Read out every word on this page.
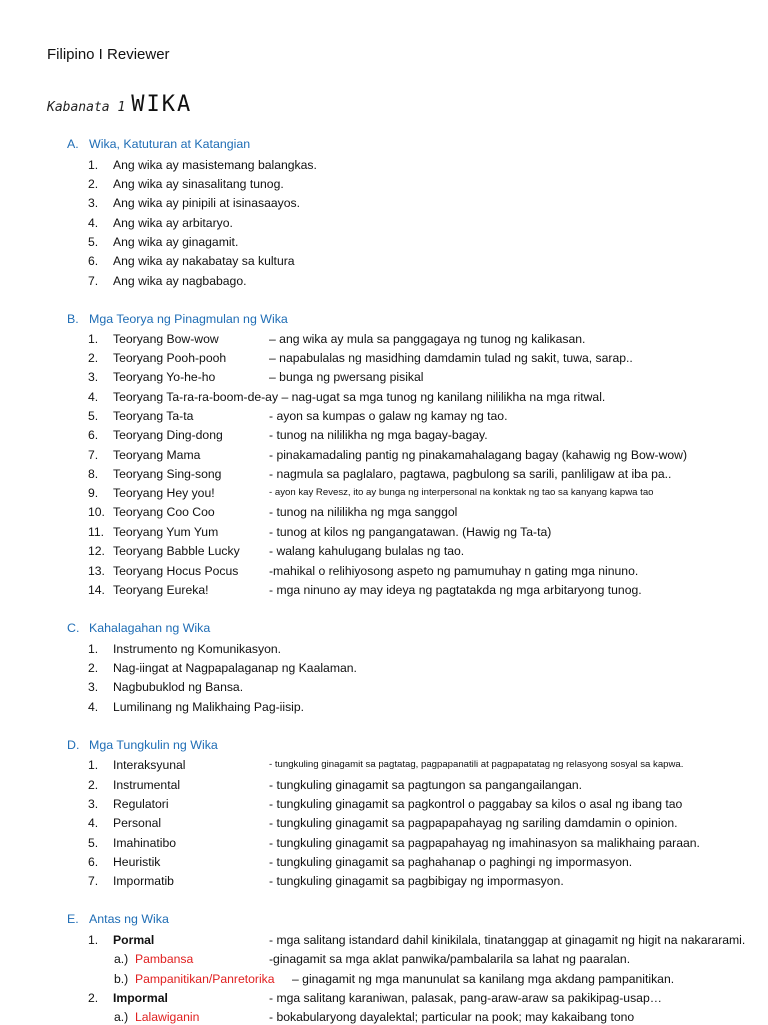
Filipino I Reviewer
Kabanata 1 WIKA
A. Wika, Katuturan at Katangian
1. Ang wika ay masistemang balangkas.
2. Ang wika ay sinasalitang tunog.
3. Ang wika ay pinipili at isinasaayos.
4. Ang wika ay arbitaryo.
5. Ang wika ay ginagamit.
6. Ang wika ay nakabatay sa kultura
7. Ang wika ay nagbabago.
B. Mga Teorya ng Pinagmulan ng Wika
1. Teoryang Bow-wow	– ang wika ay mula sa panggagaya ng tunog ng kalikasan.
2. Teoryang Pooh-pooh	– napabulalas ng masidhing damdamin tulad ng sakit, tuwa, sarap..
3. Teoryang Yo-he-ho	– bunga ng pwersang pisikal
4. Teoryang Ta-ra-ra-boom-de-ay – nag-ugat sa mga tunog ng kanilang nililikha na mga ritwal.
5. Teoryang Ta-ta	- ayon sa kumpas o galaw ng kamay ng tao.
6. Teoryang Ding-dong	- tunog na nililikha ng mga bagay-bagay.
7. Teoryang Mama	- pinakamadaling pantig ng pinakamahalagang bagay (kahawig ng Bow-wow)
8. Teoryang Sing-song	- nagmula sa paglalaro, pagtawa, pagbulong sa sarili, panliligaw at iba pa..
9. Teoryang Hey you!	- ayon kay Revesz, ito ay bunga ng interpersonal na konktak ng tao sa kanyang kapwa tao
10. Teoryang Coo Coo	- tunog na nililikha ng mga sanggol
11. Teoryang Yum Yum	- tunog at kilos ng pangangatawan. (Hawig ng Ta-ta)
12. Teoryang Babble Lucky - walang kahulugang bulalas ng tao.
13. Teoryang Hocus Pocus	-mahikal o relihiyosong aspeto ng pamumuhay n gating mga ninuno.
14. Teoryang Eureka!	- mga ninuno ay may ideya ng pagtatakda ng mga arbitaryong tunog.
C. Kahalagahan ng Wika
1. Instrumento ng Komunikasyon.
2. Nag-iingat at Nagpapalaganap ng Kaalaman.
3. Nagbubuklod ng Bansa.
4. Lumilinang ng Malikhaing Pag-iisip.
D. Mga Tungkulin ng Wika
1. Interaksyunal	- tungkuling ginagamit sa pagtatag, pagpapanatili at pagpapatatag ng relasyong sosyal sa kapwa.
2. Instrumental	- tungkuling ginagamit sa pagtungon sa pangangailangan.
3. Regulatori	- tungkuling ginagamit sa pagkontrol o paggabay sa kilos o asal ng ibang tao
4. Personal	- tungkuling ginagamit sa pagpapapahayag ng sariling damdamin o opinion.
5. Imahinatibo	- tungkuling ginagamit sa pagpapahayag ng imahinasyon sa malikhaing paraan.
6. Heuristik	- tungkuling ginagamit sa paghahanap o paghingi ng impormasyon.
7. Impormatib	- tungkuling ginagamit sa pagbibigay ng impormasyon.
E. Antas ng Wika
1. Pormal	- mga salitang istandard dahil kinikilala, tinatanggap at ginagamit ng higit na nakararami.
a.) Pambansa	-ginagamit sa mga aklat panwika/pambalarila sa lahat ng paaralan.
b.) Pampanitikan/Panretorika – ginagamit ng mga manunulat sa kanilang mga akdang pampanitikan.
2. Impormal	- mga salitang karaniwan, palasak, pang-araw-araw sa pakikipag-usap…
a.) Lalawiganin	- bokabularyong dayalektal; particular na pook; may kakaibang tono
